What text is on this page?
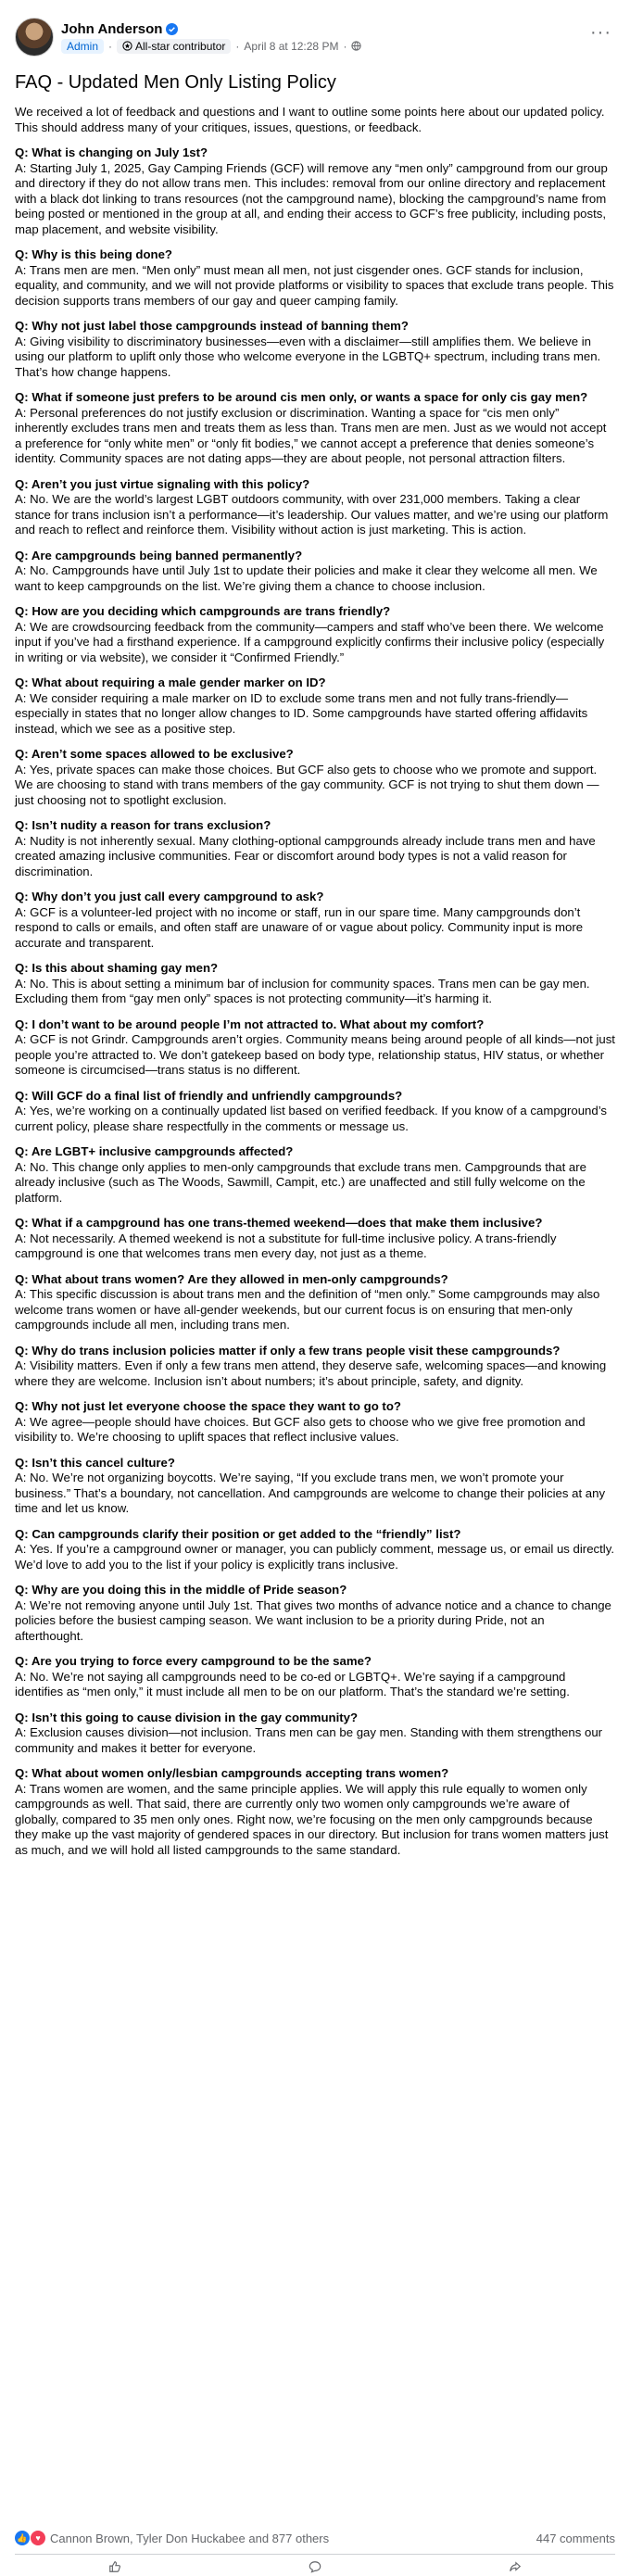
John Anderson
Admin · All-star contributor · April 8 at 12:28 PM ·
···
FAQ - Updated Men Only Listing Policy

We received a lot of feedback and questions and I want to outline some points here about our updated policy. This should address many of your critiques, issues, questions, or feedback.

Q: What is changing on July 1st?

A: Starting July 1, 2025, Gay Camping Friends (GCF) will remove any “men only” campground from our group and directory if they do not allow trans men. This includes: removal from our online directory and replacement with a black dot linking to trans resources (not the campground name), blocking the campground’s name from being posted or mentioned in the group at all, and ending their access to GCF’s free publicity, including posts, map placement, and website visibility.

Q: Why is this being done?

A: Trans men are men. “Men only” must mean all men, not just cisgender ones. GCF stands for inclusion, equality, and community, and we will not provide platforms or visibility to spaces that exclude trans people. This decision supports trans members of our gay and queer camping family.

Q: Why not just label those campgrounds instead of banning them?

A: Giving visibility to discriminatory businesses—even with a disclaimer—still amplifies them. We believe in using our platform to uplift only those who welcome everyone in the LGBTQ+ spectrum, including trans men. That’s how change happens.

Q: What if someone just prefers to be around cis men only, or wants a space for only cis gay men?

A: Personal preferences do not justify exclusion or discrimination. Wanting a space for “cis men only” inherently excludes trans men and treats them as less than. Trans men are men. Just as we would not accept a preference for “only white men” or “only fit bodies,” we cannot accept a preference that denies someone’s identity. Community spaces are not dating apps—they are about people, not personal attraction filters.

Q: Aren’t you just virtue signaling with this policy?

A: No. We are the world’s largest LGBT outdoors community, with over 231,000 members. Taking a clear stance for trans inclusion isn’t a performance—it’s leadership. Our values matter, and we’re using our platform and reach to reflect and reinforce them. Visibility without action is just marketing. This is action.

Q: Are campgrounds being banned permanently?

A: No. Campgrounds have until July 1st to update their policies and make it clear they welcome all men. We want to keep campgrounds on the list. We’re giving them a chance to choose inclusion.

Q: How are you deciding which campgrounds are trans friendly?

A: We are crowdsourcing feedback from the community—campers and staff who’ve been there. We welcome input if you’ve had a firsthand experience. If a campground explicitly confirms their inclusive policy (especially in writing or via website), we consider it “Confirmed Friendly.”

Q: What about requiring a male gender marker on ID?

A: We consider requiring a male marker on ID to exclude some trans men and not fully trans-friendly—especially in states that no longer allow changes to ID. Some campgrounds have started offering affidavits instead, which we see as a positive step.

Q: Aren’t some spaces allowed to be exclusive?

A: Yes, private spaces can make those choices. But GCF also gets to choose who we promote and support. We are choosing to stand with trans members of the gay community. GCF is not trying to shut them down — just choosing not to spotlight exclusion.

Q: Isn’t nudity a reason for trans exclusion?

A: Nudity is not inherently sexual. Many clothing-optional campgrounds already include trans men and have created amazing inclusive communities. Fear or discomfort around body types is not a valid reason for discrimination.

Q: Why don’t you just call every campground to ask?

A: GCF is a volunteer-led project with no income or staff, run in our spare time. Many campgrounds don’t respond to calls or emails, and often staff are unaware of or vague about policy. Community input is more accurate and transparent.

Q: Is this about shaming gay men?

A: No. This is about setting a minimum bar of inclusion for community spaces. Trans men can be gay men. Excluding them from “gay men only” spaces is not protecting community—it’s harming it.

Q: I don’t want to be around people I’m not attracted to. What about my comfort?

A: GCF is not Grindr. Campgrounds aren’t orgies. Community means being around people of all kinds—not just people you’re attracted to. We don’t gatekeep based on body type, relationship status, HIV status, or whether someone is circumcised—trans status is no different.

Q: Will GCF do a final list of friendly and unfriendly campgrounds?

A: Yes, we’re working on a continually updated list based on verified feedback. If you know of a campground’s current policy, please share respectfully in the comments or message us.

Q: Are LGBT+ inclusive campgrounds affected?

A: No. This change only applies to men-only campgrounds that exclude trans men. Campgrounds that are already inclusive (such as The Woods, Sawmill, Campit, etc.) are unaffected and still fully welcome on the platform.

Q: What if a campground has one trans-themed weekend—does that make them inclusive?

A: Not necessarily. A themed weekend is not a substitute for full-time inclusive policy. A trans-friendly campground is one that welcomes trans men every day, not just as a theme.

Q: What about trans women? Are they allowed in men-only campgrounds?

A: This specific discussion is about trans men and the definition of “men only.” Some campgrounds may also welcome trans women or have all-gender weekends, but our current focus is on ensuring that men-only campgrounds include all men, including trans men.

Q: Why do trans inclusion policies matter if only a few trans people visit these campgrounds?

A: Visibility matters. Even if only a few trans men attend, they deserve safe, welcoming spaces—and knowing where they are welcome. Inclusion isn’t about numbers; it’s about principle, safety, and dignity.

Q: Why not just let everyone choose the space they want to go to?

A: We agree—people should have choices. But GCF also gets to choose who we give free promotion and visibility to. We’re choosing to uplift spaces that reflect inclusive values.

Q: Isn’t this cancel culture?

A: No. We’re not organizing boycotts. We’re saying, “If you exclude trans men, we won’t promote your business.” That’s a boundary, not cancellation. And campgrounds are welcome to change their policies at any time and let us know.

Q: Can campgrounds clarify their position or get added to the “friendly” list?

A: Yes. If you’re a campground owner or manager, you can publicly comment, message us, or email us directly. We’d love to add you to the list if your policy is explicitly trans inclusive.

Q: Why are you doing this in the middle of Pride season?

A: We’re not removing anyone until July 1st. That gives two months of advance notice and a chance to change policies before the busiest camping season. We want inclusion to be a priority during Pride, not an afterthought.

Q: Are you trying to force every campground to be the same?

A: No. We’re not saying all campgrounds need to be co-ed or LGBTQ+. We’re saying if a campground identifies as “men only,” it must include all men to be on our platform. That’s the standard we’re setting.

Q: Isn’t this going to cause division in the gay community?

A: Exclusion causes division—not inclusion. Trans men can be gay men. Standing with them strengthens our community and makes it better for everyone.

Q: What about women only/lesbian campgrounds accepting trans women?

A: Trans women are women, and the same principle applies. We will apply this rule equally to women only campgrounds as well. That said, there are currently only two women only campgrounds we’re aware of globally, compared to 35 men only ones. Right now, we’re focusing on the men only campgrounds because they make up the vast majority of gendered spaces in our directory. But inclusion for trans women matters just as much, and we will hold all listed campgrounds to the same standard.

👍 ♥ Cannon Brown, Tyler Don Huckabee and 877 others	447 comments
